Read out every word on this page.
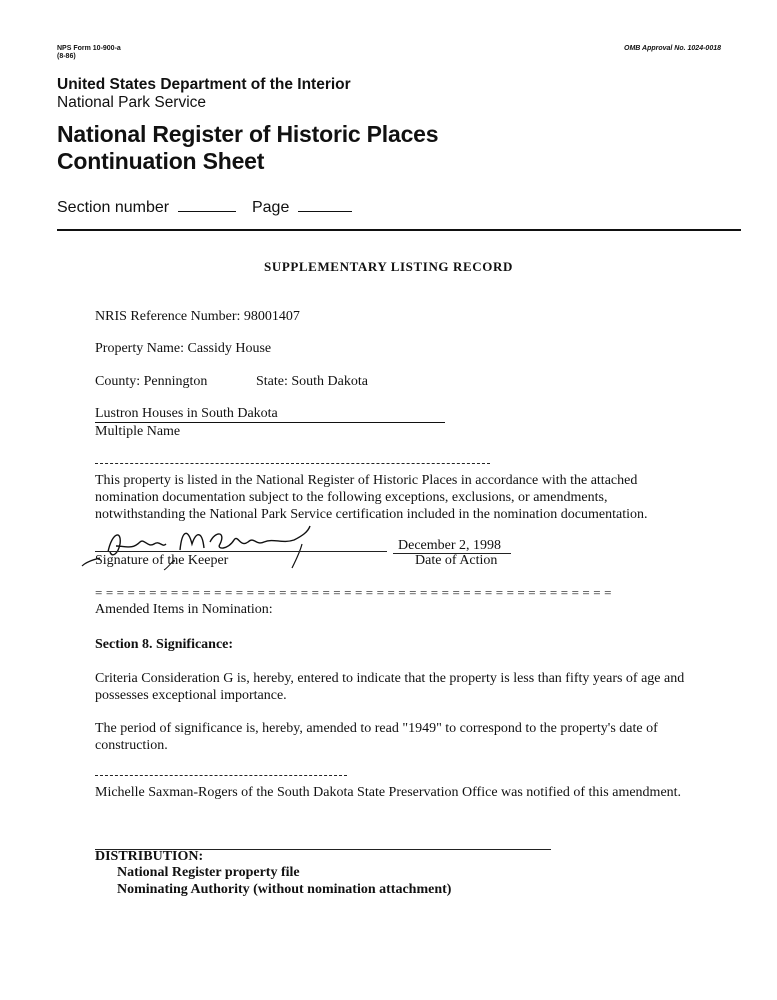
NPS Form 10-900-a
(8-86)
OMB Approval No. 1024-0018
United States Department of the Interior
National Park Service
National Register of Historic Places
Continuation Sheet
Section number	Page
SUPPLEMENTARY LISTING RECORD
NRIS Reference Number: 98001407
Property Name: Cassidy House
County: Pennington	State: South Dakota
Lustron Houses in South Dakota
Multiple Name
This property is listed in the National Register of Historic Places in accordance with the attached nomination documentation subject to the following exceptions, exclusions, or amendments, notwithstanding the National Park Service certification included in the nomination documentation.
Signature of the Keeper
December 2, 1998
Date of Action
================================================
Amended Items in Nomination:
Section 8. Significance:
Criteria Consideration G is, hereby, entered to indicate that the property is less than fifty years of age and possesses exceptional importance.
The period of significance is, hereby, amended to read "1949" to correspond to the property's date of construction.
Michelle Saxman-Rogers of the South Dakota State Preservation Office was notified of this amendment.
DISTRIBUTION:
National Register property file
Nominating Authority (without nomination attachment)
